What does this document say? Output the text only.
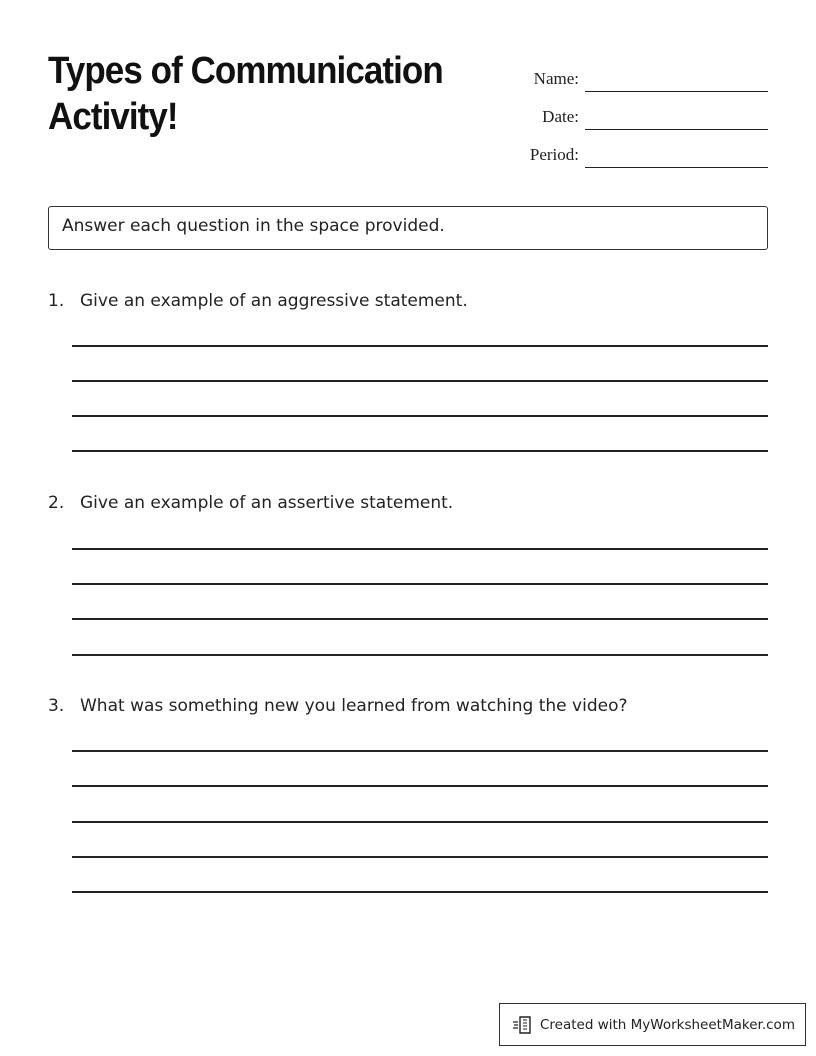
Types of Communication
Activity!
Name:
Date:
Period:
Answer each question in the space provided.
1. Give an example of an aggressive statement.
2. Give an example of an assertive statement.
3. What was something new you learned from watching the video?
Created with MyWorksheetMaker.com
